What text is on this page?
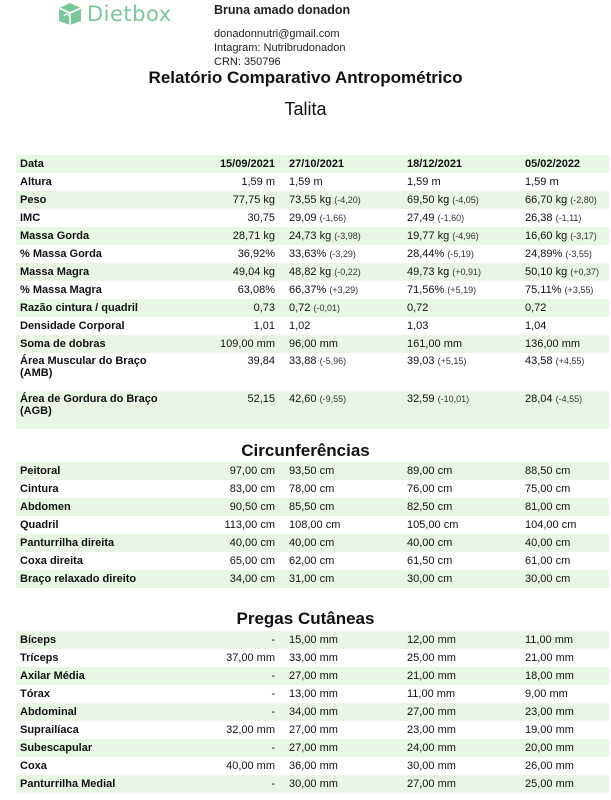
Dietbox	Bruna amado donadon
donadonnutri@gmail.com
Intagram: Nutribrudonadon
CRN: 350796
Relatório Comparativo Antropométrico
Talita
Data	15/09/2021	27/10/2021	18/12/2021	05/02/2022
Altura	1,59 m	1,59 m	1,59 m	1,59 m
Peso	77,75 kg	73,55 kg (-4,20)	69,50 kg (-4,05)	66,70 kg (-2,80)
IMC	30,75	29,09 (-1,66)	27,49 (-1,60)	26,38 (-1,11)
Massa Gorda	28,71 kg	24,73 kg (-3,98)	19,77 kg (-4,96)	16,60 kg (-3,17)
% Massa Gorda	36,92%	33,63% (-3,29)	28,44% (-5,19)	24,89% (-3,55)
Massa Magra	49,04 kg	48,82 kg (-0,22)	49,73 kg (+0,91)	50,10 kg (+0,37)
% Massa Magra	63,08%	66,37% (+3,29)	71,56% (+5,19)	75,11% (+3,55)
Razão cintura / quadril	0,73	0,72 (-0,01)	0,72	0,72
Densidade Corporal	1,01	1,02	1,03	1,04
Soma de dobras	109,00 mm	96,00 mm	161,00 mm	136,00 mm
Área Muscular do Braço (AMB)	39,84	33,88 (-5,96)	39,03 (+5,15)	43,58 (+4,55)
Área de Gordura do Braço (AGB)	52,15	42,60 (-9,55)	32,59 (-10,01)	28,04 (-4,55)
Circunferências
Peitoral	97,00 cm	93,50 cm	89,00 cm	88,50 cm
Cintura	83,00 cm	78,00 cm	76,00 cm	75,00 cm
Abdomen	90,50 cm	85,50 cm	82,50 cm	81,00 cm
Quadril	113,00 cm	108,00 cm	105,00 cm	104,00 cm
Panturrilha direita	40,00 cm	40,00 cm	40,00 cm	40,00 cm
Coxa direita	65,00 cm	62,00 cm	61,50 cm	61,00 cm
Braço relaxado direito	34,00 cm	31,00 cm	30,00 cm	30,00 cm
Pregas Cutâneas
Bíceps	-	15,00 mm	12,00 mm	11,00 mm
Tríceps	37,00 mm	33,00 mm	25,00 mm	21,00 mm
Axilar Média	-	27,00 mm	21,00 mm	18,00 mm
Tórax	-	13,00 mm	11,00 mm	9,00 mm
Abdominal	-	34,00 mm	27,00 mm	23,00 mm
Suprailíaca	32,00 mm	27,00 mm	23,00 mm	19,00 mm
Subescapular	-	27,00 mm	24,00 mm	20,00 mm
Coxa	40,00 mm	36,00 mm	30,00 mm	26,00 mm
Panturrilha Medial	-	30,00 mm	27,00 mm	25,00 mm
